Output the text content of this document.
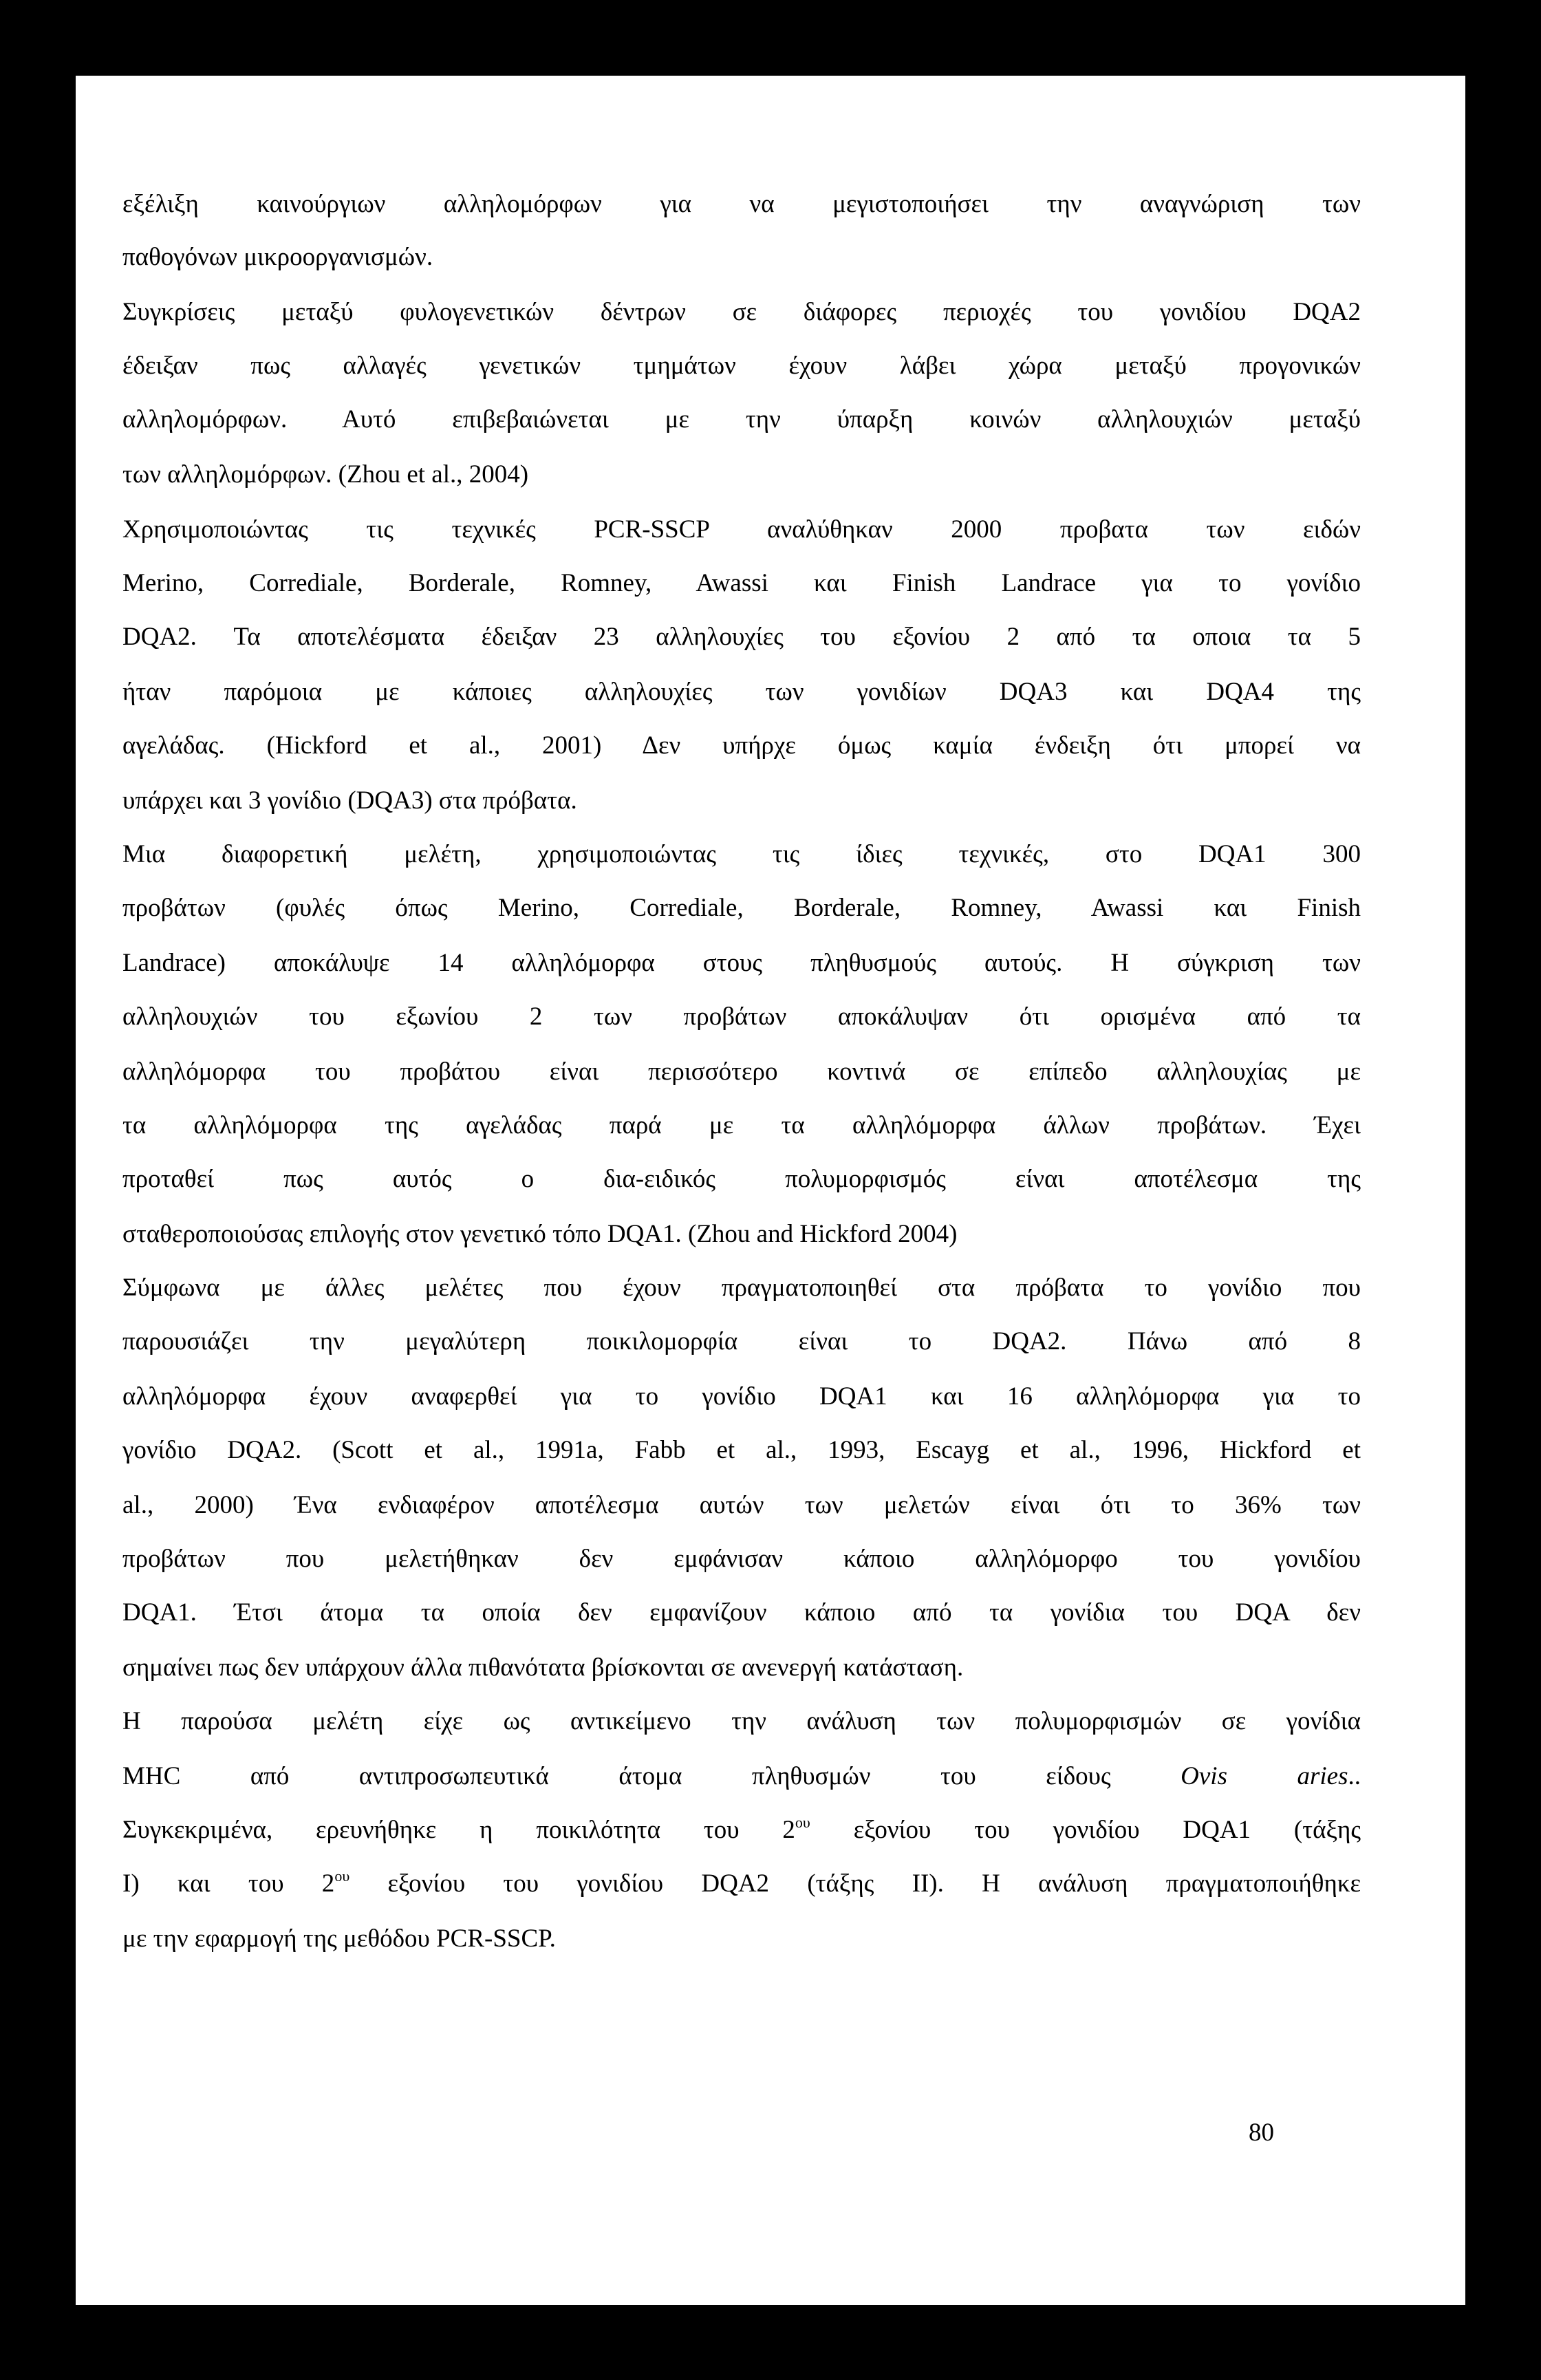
εξέλιξη καινούργιων αλληλομόρφων για να μεγιστοποιήσει την αναγνώριση των

παθογόνων μικροοργανισμών.

Συγκρίσεις μεταξύ φυλογενετικών δέντρων σε διάφορες περιοχές του γονιδίου DQA2

έδειξαν πως αλλαγές γενετικών τμημάτων έχουν λάβει χώρα μεταξύ προγονικών

αλληλομόρφων. Αυτό επιβεβαιώνεται με την ύπαρξη κοινών αλληλουχιών μεταξύ

των αλληλομόρφων. (Zhou et al., 2004)

Χρησιμοποιώντας τις τεχνικές PCR-SSCP αναλύθηκαν 2000 προβατα των ειδών

Merino, Corrediale, Borderale, Romney, Awassi και Finish Landrace για το γονίδιο

DQA2. Τα αποτελέσματα έδειξαν 23 αλληλουχίες του εξονίου 2 από τα οποια τα 5

ήταν παρόμοια με κάποιες αλληλουχίες των γονιδίων DQA3 και DQA4 της

αγελάδας. (Hickford et al., 2001) Δεν υπήρχε όμως καμία ένδειξη ότι μπορεί να

υπάρχει και 3 γονίδιο (DQA3) στα πρόβατα.

Μια διαφορετική μελέτη, χρησιμοποιώντας τις ίδιες τεχνικές, στο DQA1 300

προβάτων (φυλές όπως Merino, Corrediale, Borderale, Romney, Awassi και Finish

Landrace) αποκάλυψε 14 αλληλόμορφα στους πληθυσμούς αυτούς. Η σύγκριση των

αλληλουχιών του εξωνίου 2 των προβάτων αποκάλυψαν ότι ορισμένα από τα

αλληλόμορφα του προβάτου είναι περισσότερο κοντινά σε επίπεδο αλληλουχίας με

τα αλληλόμορφα της αγελάδας παρά με τα αλληλόμορφα άλλων προβάτων. Έχει

προταθεί πως αυτός ο δια-ειδικός πολυμορφισμός είναι αποτέλεσμα της

σταθεροποιούσας επιλογής στον γενετικό τόπο DQA1. (Zhou and Hickford 2004)

Σύμφωνα με άλλες μελέτες που έχουν πραγματοποιηθεί στα πρόβατα το γονίδιο που

παρουσιάζει την μεγαλύτερη ποικιλομορφία είναι το DQA2. Πάνω από 8

αλληλόμορφα έχουν αναφερθεί για το γονίδιο DQA1 και 16 αλληλόμορφα για το

γονίδιο DQA2. (Scott et al., 1991a, Fabb et al., 1993, Escayg et al., 1996, Hickford et

al., 2000) Ένα ενδιαφέρον αποτέλεσμα αυτών των μελετών είναι ότι το 36% των

προβάτων που μελετήθηκαν δεν εμφάνισαν κάποιο αλληλόμορφο του γονιδίου

DQA1. Έτσι άτομα τα οποία δεν εμφανίζουν κάποιο από τα γονίδια του DQA δεν

σημαίνει πως δεν υπάρχουν άλλα πιθανότατα βρίσκονται σε ανενεργή κατάσταση.

Η παρούσα μελέτη είχε ως αντικείμενο την ανάλυση των πολυμορφισμών σε γονίδια

MHC από αντιπροσωπευτικά άτομα πληθυσμών του είδους Ovis aries..

Συγκεκριμένα, ερευνήθηκε η ποικιλότητα του $2^{o\upsilon}$ εξονίου του γονιδίου DQA1 (τάξης

I) και του $2^{o\upsilon}$ εξονίου του γονιδίου DQA2 (τάξης II). Η ανάλυση πραγματοποιήθηκε

με την εφαρμογή της μεθόδου PCR-SSCP.

80
